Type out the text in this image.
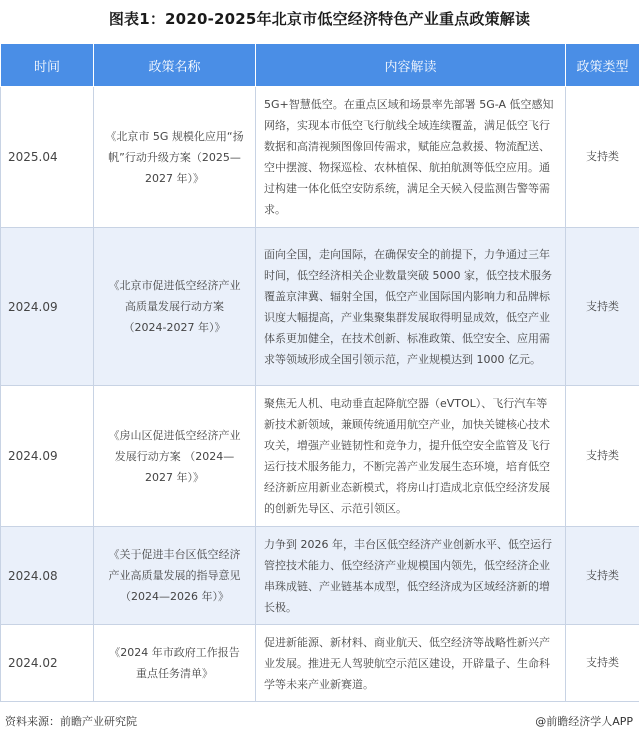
图表1：2020-2025年北京市低空经济特色产业重点政策解读
时间	政策名称	内容解读	政策类型
2025.04	《北京市 5G 规模化应用“扬帆”行动升级方案（2025—2027 年）》	5G+智慧低空。在重点区域和场景率先部署 5G-A 低空感知网络，实现本市低空飞行航线全域连续覆盖，满足低空飞行数据和高清视频图像回传需求，赋能应急救援、物流配送、空中摆渡、物探巡检、农林植保、航拍航测等低空应用。通过构建一体化低空安防系统，满足全天候入侵监测告警等需求。	支持类
2024.09	《北京市促进低空经济产业高质量发展行动方案（2024-2027 年）》	面向全国，走向国际，在确保安全的前提下，力争通过三年时间，低空经济相关企业数量突破 5000 家，低空技术服务覆盖京津冀、辐射全国，低空产业国际国内影响力和品牌标识度大幅提高，产业集聚集群发展取得明显成效，低空产业体系更加健全，在技术创新、标准政策、低空安全、应用需求等领域形成全国引领示范，产业规模达到 1000 亿元。	支持类
2024.09	《房山区促进低空经济产业发展行动方案 （2024—2027 年）》	聚焦无人机、电动垂直起降航空器（eVTOL）、飞行汽车等新技术新领域，兼顾传统通用航空产业，加快关键核心技术攻关，增强产业链韧性和竞争力，提升低空安全监管及飞行运行技术服务能力，不断完善产业发展生态环境，培育低空经济新应用新业态新模式，将房山打造成北京低空经济发展的创新先导区、示范引领区。	支持类
2024.08	《关于促进丰台区低空经济产业高质量发展的指导意见（2024—2026 年）》	力争到 2026 年，丰台区低空经济产业创新水平、低空运行管控技术能力、低空经济产业规模国内领先，低空经济企业串珠成链、产业链基本成型，低空经济成为区域经济新的增长极。	支持类
2024.02	《2024 年市政府工作报告重点任务清单》	促进新能源、新材料、商业航天、低空经济等战略性新兴产业发展。推进无人驾驶航空示范区建设，开辟量子、生命科学等未来产业新赛道。	支持类
资料来源：前瞻产业研究院	@前瞻经济学人APP
